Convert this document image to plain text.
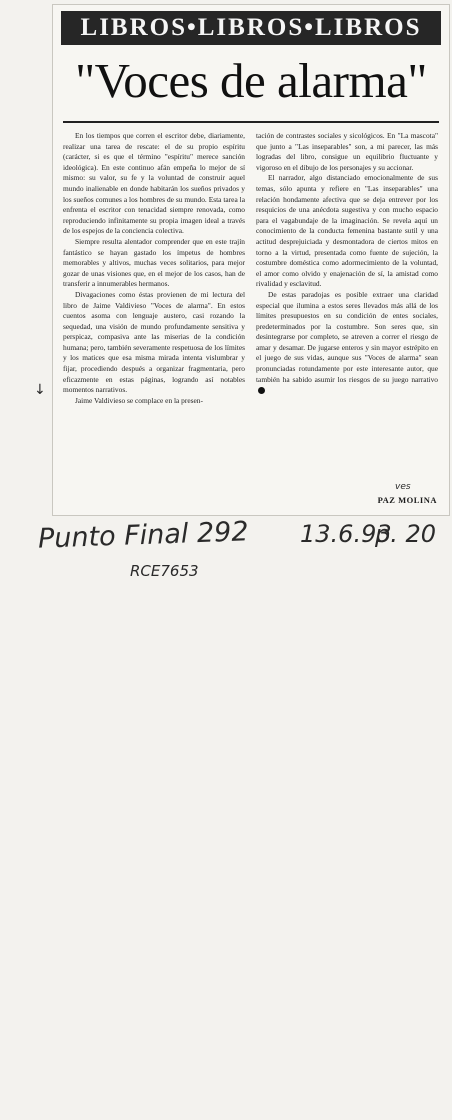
LIBROS•LIBROS•LIBROS
"Voces de alarma"

En los tiempos que corren el escritor debe, diariamente, realizar una tarea de rescate: el de su propio espíritu (carácter, si es que el término "espíritu" merece sanción ideológica). En este continuo afán empeña lo mejor de sí mismo: su valor, su fe y la voluntad de construir aquel mundo inalienable en donde habitarán los sueños privados y los sueños comunes a los hombres de su mundo. Esta tarea la enfrenta el escritor con tenacidad siempre renovada, como reproduciendo infinitamente su propia imagen ideal a través de los espejos de la conciencia colectiva.

Siempre resulta alentador comprender que en este trajín fantástico se hayan gastado los ímpetus de hombres memorables y altivos, muchas veces solitarios, para mejor gozar de unas visiones que, en el mejor de los casos, han de transferir a innumerables hermanos.

Divagaciones como éstas provienen de mi lectura del libro de Jaime Valdivieso "Voces de alarma". En estos cuentos asoma con lenguaje austero, casi rozando la sequedad, una visión de mundo profundamente sensitiva y perspicaz, compasiva ante las miserias de la condición humana; pero, también severamente respetuosa de los límites y los matices que esa misma mirada intenta vislumbrar y fijar, procediendo después a organizar fragmentaria, pero eficazmente en estas páginas, logrando así notables momentos narrativos.

Jaime Valdivieso se complace en la presen-

tación de contrastes sociales y sicológicos. En "La mascota" que junto a "Las inseparables" son, a mi parecer, las más logradas del libro, consigue un equilibrio fluctuante y vigoroso en el dibujo de los personajes y su accionar.

El narrador, algo distanciado emocionalmente de sus temas, sólo apunta y refiere en "Las inseparables" una relación hondamente afectiva que se deja entrever por los resquicios de una anécdota sugestiva y con mucho espacio para el vagabundaje de la imaginación. Se revela aquí un conocimiento de la conducta femenina bastante sutil y una actitud desprejuiciada y desmontadora de ciertos mitos en torno a la virtud, presentada como fuente de sujeción, la costumbre doméstica como adormecimiento de la voluntad, el amor como olvido y enajenación de sí, la amistad como rivalidad y esclavitud.

De estas paradojas es posible extraer una claridad especial que ilumina a estos seres llevados más allá de los límites presupuestos en su condición de entes sociales, predeterminados por la costumbre. Son seres que, sin desintegrarse por completo, se atreven a correr el riesgo de amar y desamar. De jugarse enteros y sin mayor estrépito en el juego de sus vidas, aunque sus "Voces de alarma" sean pronunciadas rotundamente por este interesante autor, que también ha sabido asumir los riesgos de su juego narrativo

PAZ MOLINA
↓
ves
Punto Final 292 13.6.93
p. 20
RCE7653
